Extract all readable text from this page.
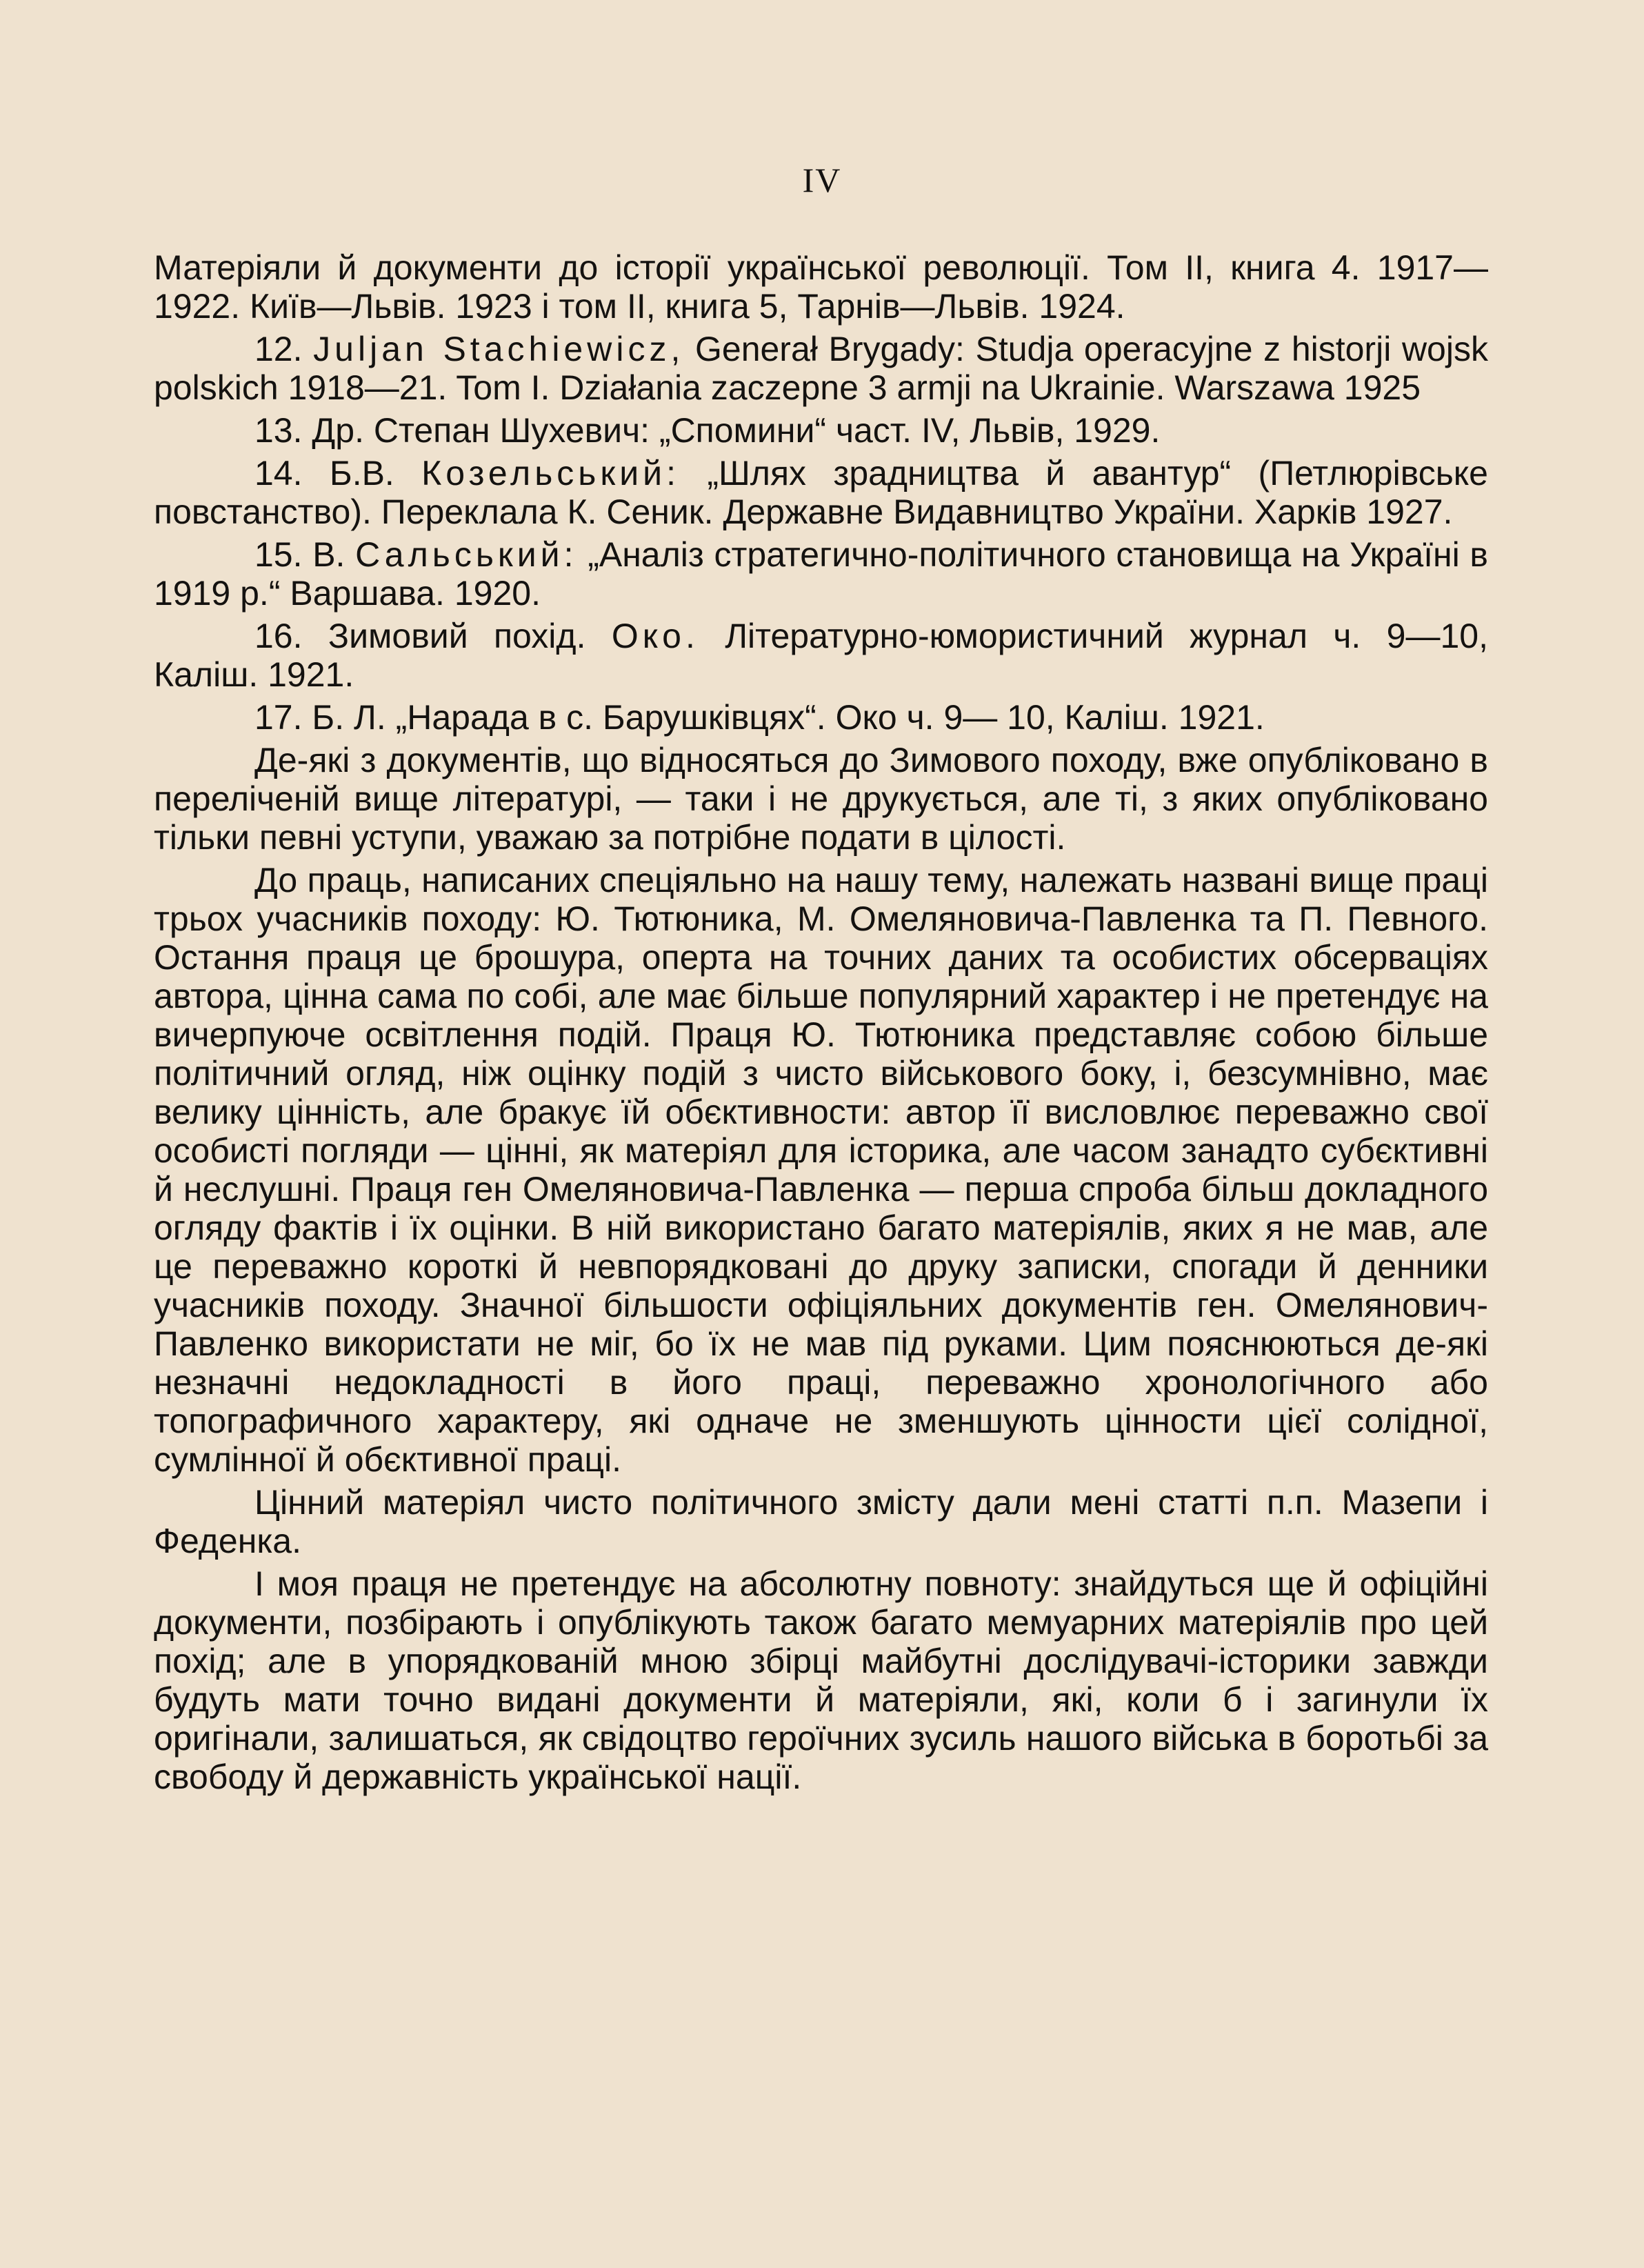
IV

Матеріяли й документи до історії української революції. Том II, книга 4. 1917—1922. Київ—Львів. 1923 і том II, книга 5, Тарнів—Львів. 1924.

12. Juljan Stachiewicz, Generał Brygady: Studja operacyjne z historji wojsk polskich 1918—21. Tom I. Działania zaczepne 3 armji na Ukrainie. Warszawa 1925

13. Др. Степан Шухевич: „Спомини“ част. IV, Львів, 1929.

14. Б.В. Козельський: „Шлях зрадництва й авантур“ (Петлюрівське повстанство). Переклала К. Сеник. Державне Видавництво України. Харків 1927.

15. В. Сальський: „Аналіз стратегично-політичного становища на Україні в 1919 р.“ Варшава. 1920.

16. Зимовий похід. Око. Літературно-юмористичний журнал ч. 9—10, Каліш. 1921.

17. Б. Л. „Нарада в с. Барушківцях“. Око ч. 9— 10, Каліш. 1921.

Де-які з документів, що відносяться до Зимового походу, вже опубліковано в переліченій вище літературі, — таки і не друкується, але ті, з яких опубліковано тільки певні уступи, уважаю за потрібне подати в цілості.

До праць, написаних спеціяльно на нашу тему, належать названі вище праці трьох учасників походу: Ю. Тютюника, М. Омеляновича-Павленка та П. Певного. Остання праця це брошура, оперта на точних даних та особистих обсерваціях автора, цінна сама по собі, але має більше популярний характер і не претендує на вичерпуюче освітлення подій. Праця Ю. Тютюника представляє собою більше політичний огляд, ніж оцінку подій з чисто військового боку, і, безсумнівно, має велику цінність, але бракує їй обєктивности: автор її висловлює переважно свої особисті погляди — цінні, як матеріял для історика, але часом занадто субєктивні й неслушні. Праця ген Омеляновича-Павленка — перша спроба більш докладного огляду фактів і їх оцінки. В ній використано багато матеріялів, яких я не мав, але це переважно короткі й невпорядковані до друку записки, спогади й денники учасників походу. Значної більшости офіціяльних документів ген. Омелянович-Павленко використати не міг, бо їх не мав під руками. Цим пояснюються де-які незначні недокладності в його праці, переважно хронологічного або топографичного характеру, які одначе не зменшують цінности цієї солідної, сумлінної й обєктивної праці.

Цінний матеріял чисто політичного змісту дали мені статті п.п. Мазепи і Феденка.

І моя праця не претендує на абсолютну повноту: знайдуться ще й офіційні документи, позбірають і опублікують також багато мемуарних матеріялів про цей похід; але в упорядкованій мною збірці майбутні дослідувачі-історики завжди будуть мати точно видані документи й матеріяли, які, коли б і загинули їх оригінали, залишаться, як свідоцтво героїчних зусиль нашого війська в боротьбі за свободу й державність української нації.
